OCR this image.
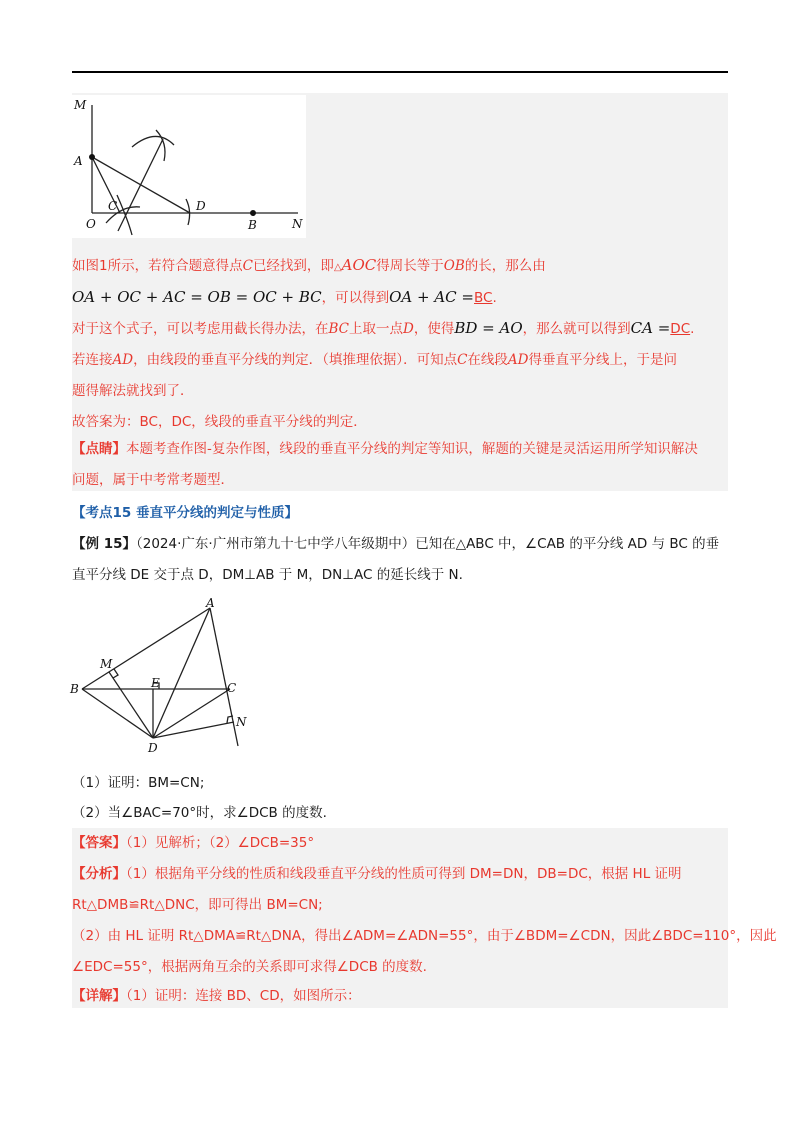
M
A
O
C	D
B	N
如图1所示，若符合题意得点C已经找到，即△AOC得周长等于OB的长，那么由
OA + OC + AC = OB = OC + BC，可以得到OA + AC =BC.
对于这个式子，可以考虑用截长得办法，在BC上取一点D，使得BD = AO，那么就可以得到CA =DC.
若连接AD，由线段的垂直平分线的判定．（填推理依据）．可知点C在线段AD得垂直平分线上，于是问
题得解法就找到了．
故答案为：BC，DC，线段的垂直平分线的判定．
【点睛】本题考查作图-复杂作图，线段的垂直平分线的判定等知识，解题的关键是灵活运用所学知识解决
问题，属于中考常考题型．
【考点15 垂直平分线的判定与性质】
【例 15】（2024·广东·广州市第九十七中学八年级期中）已知在△ABC 中，∠CAB 的平分线 AD 与 BC 的垂
直平分线 DE 交于点 D，DM⊥AB 于 M，DN⊥AC 的延长线于 N.
A
M
B	E	C
N
D
（1）证明：BM=CN;
（2）当∠BAC=70°时，求∠DCB 的度数.
【答案】（1）见解析；（2）∠DCB=35°
【分析】（1）根据角平分线的性质和线段垂直平分线的性质可得到 DM=DN，DB=DC，根据 HL 证明
Rt△DMB≌Rt△DNC，即可得出 BM=CN;
（2）由 HL 证明 Rt△DMA≌Rt△DNA，得出∠ADM=∠ADN=55°，由于∠BDM=∠CDN，因此∠BDC=110°，因此
∠EDC=55°，根据两角互余的关系即可求得∠DCB 的度数.
【详解】（1）证明：连接 BD、CD，如图所示：
